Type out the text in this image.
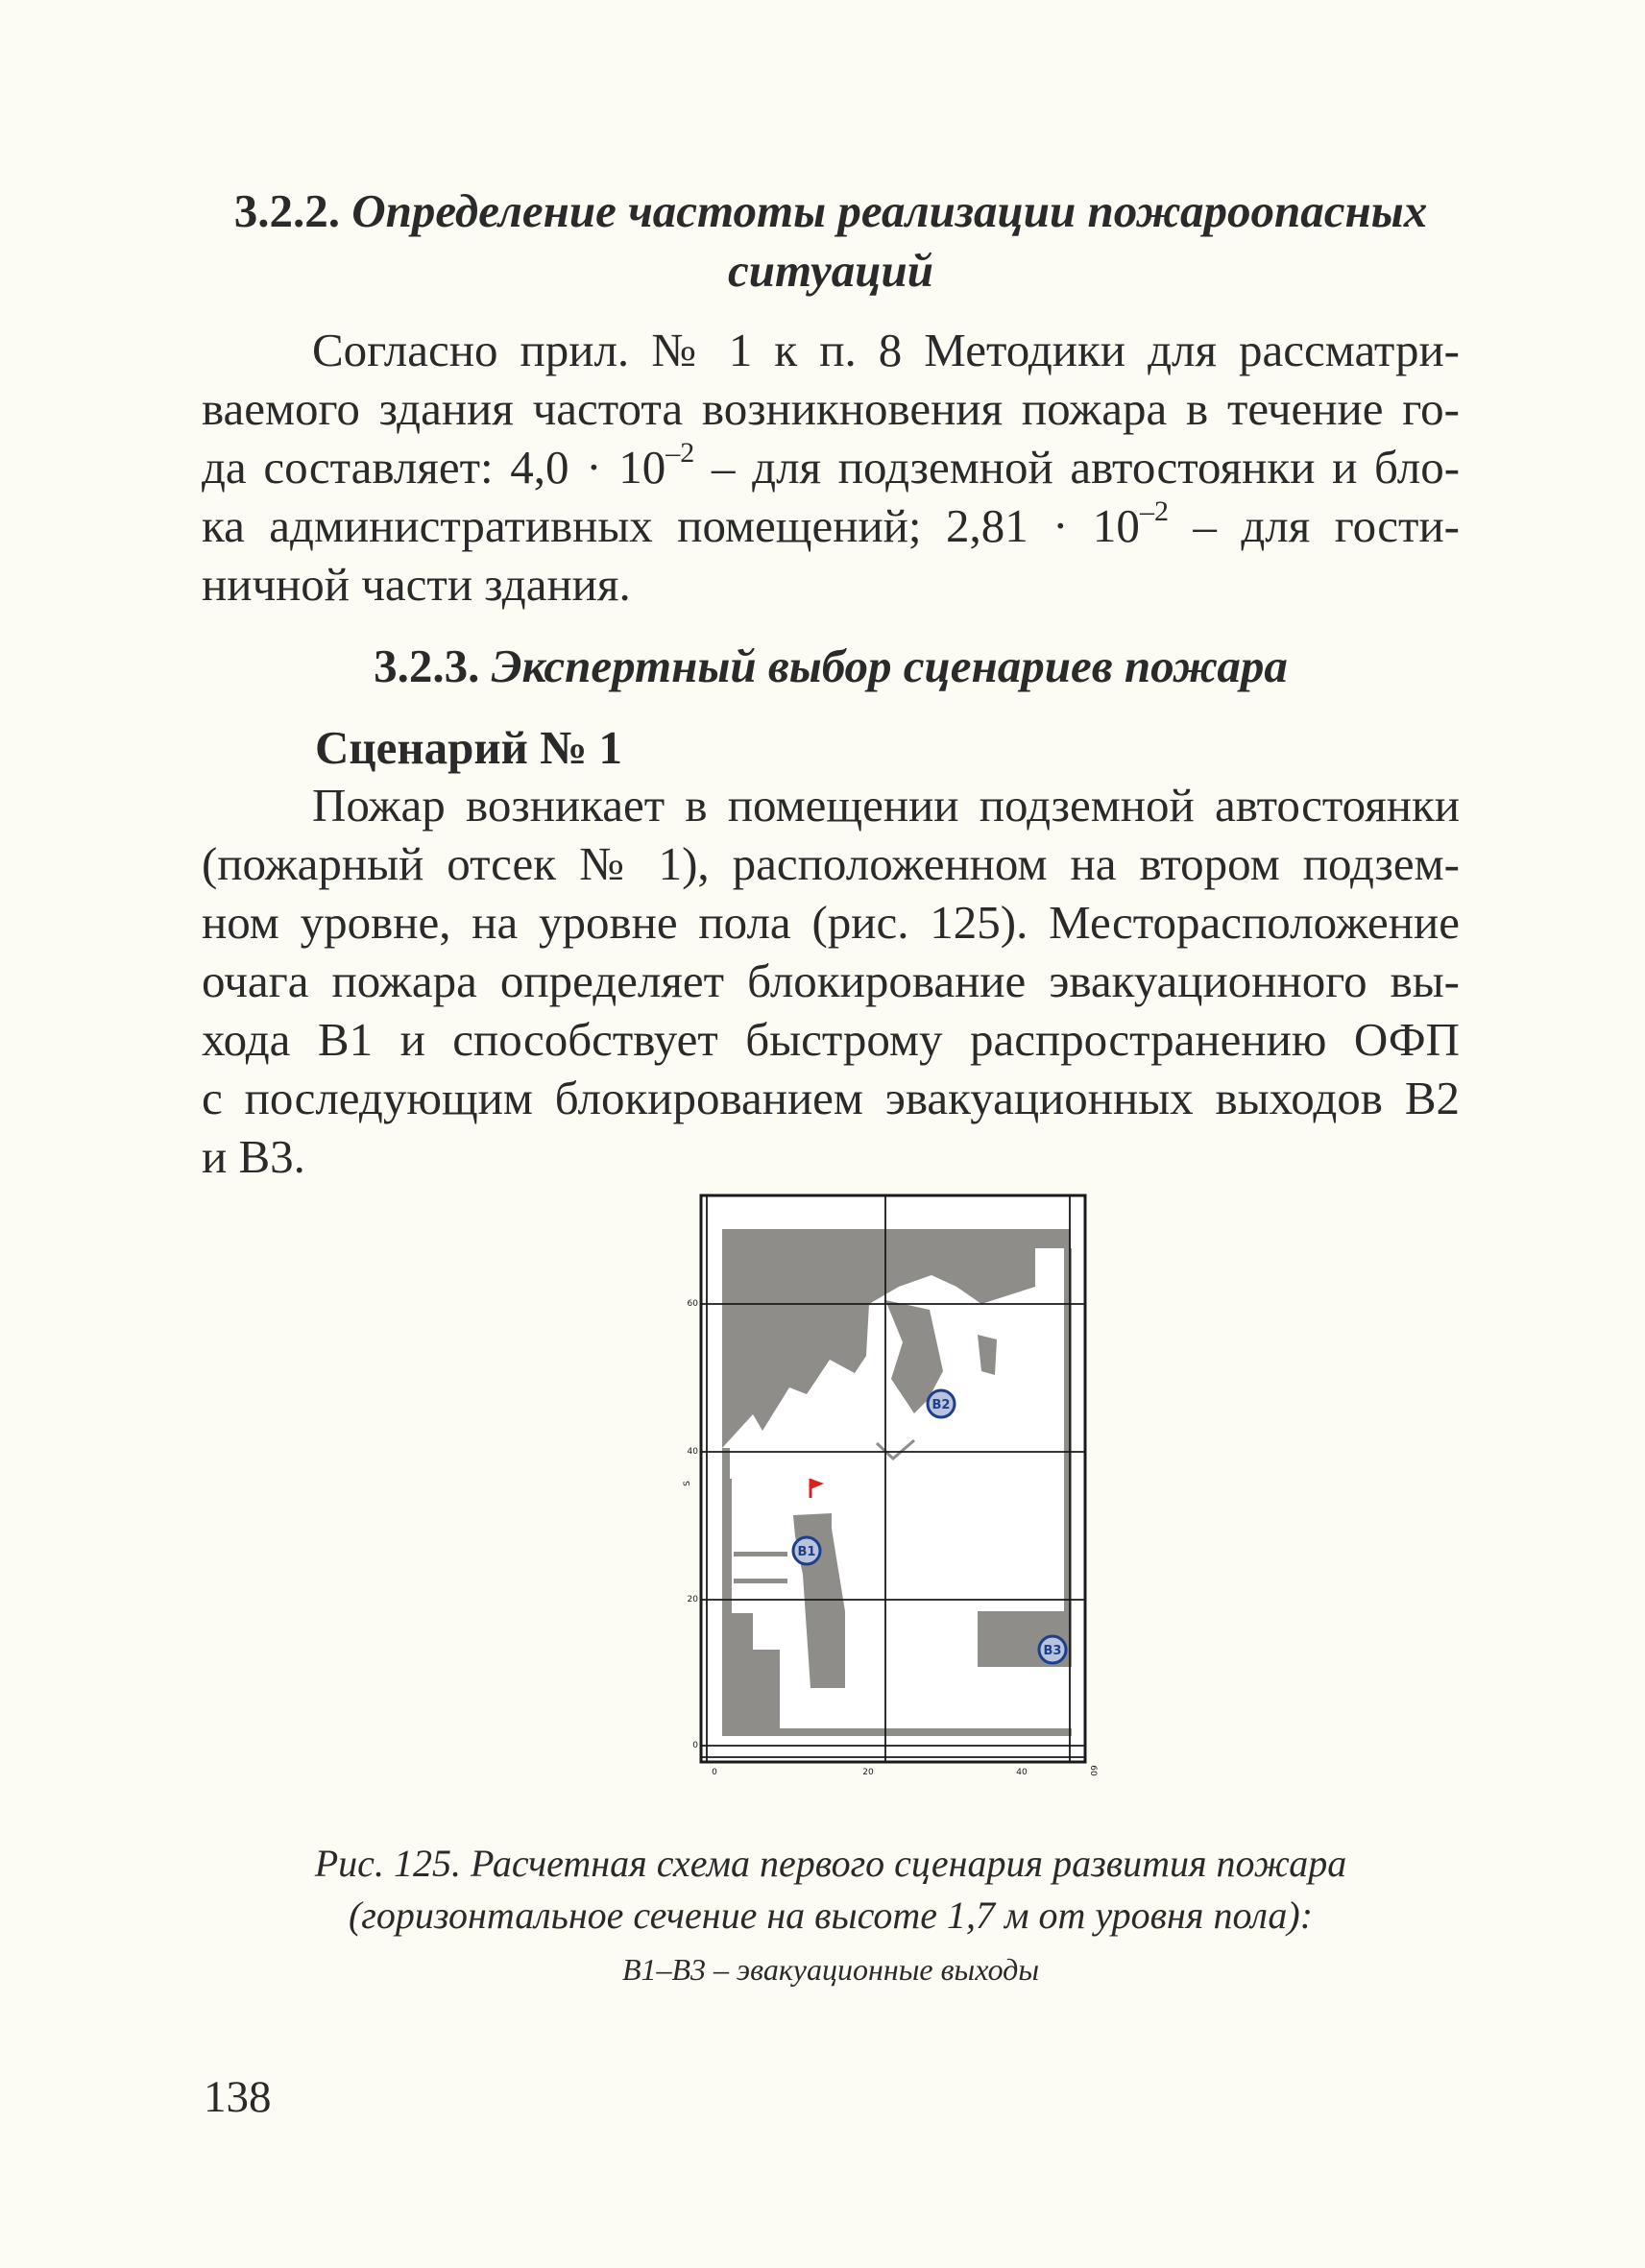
3.2.2. Определение частоты реализации пожароопасных

ситуаций

Согласно прил. № 1 к п. 8 Методики для рассматри-
ваемого здания частота возникновения пожара в течение го-
да составляет: $4,0 \cdot 10^{-2}$ – для подземной автостоянки и бло-
ка административных помещений; $2,81 \cdot 10^{-2}$ – для гости-
ничной части здания.

3.2.3. Экспертный выбор сценариев пожара

Сценарий № 1

Пожар возникает в помещении подземной автостоянки
(пожарный отсек № 1), расположенном на втором подзем-
ном уровне, на уровне пола (рис. 125). Месторасположение
очага пожара определяет блокирование эвакуационного вы-
хода В1 и способствует быстрому распространению ОФП
с последующим блокированием эвакуационных выходов В2
и В3.
60
40
20
0
S
0	20	40	60
B1
B2
B3

Рис. 125. Расчетная схема первого сценария развития пожара
(горизонтальное сечение на высоте 1,7 м от уровня пола):

В1–В3 – эвакуационные выходы

138
